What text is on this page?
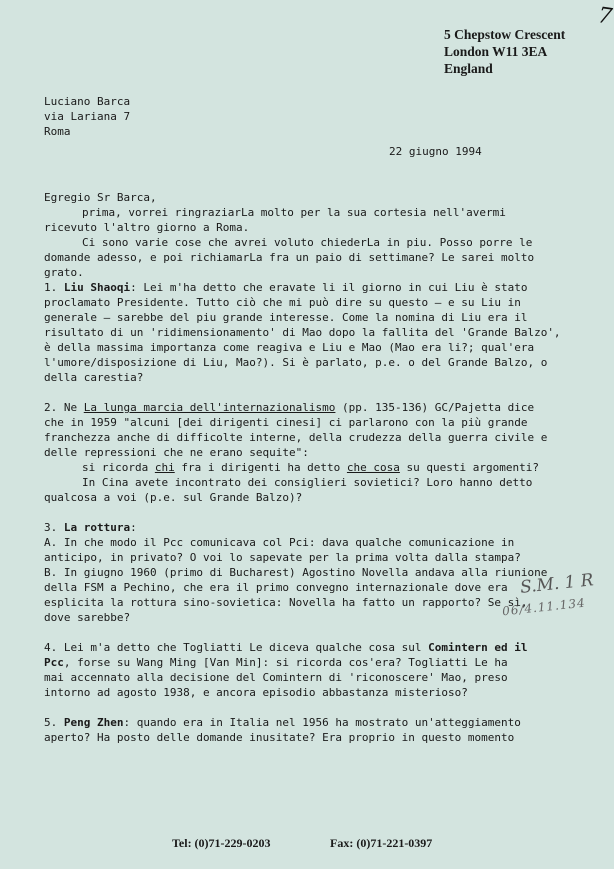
5 Chepstow Crescent
London W11 3EA
England
Luciano Barca
via Lariana 7
Roma
22 giugno 1994

Egregio Sr Barca,

prima, vorrei ringraziarLa molto per la sua cortesia nell'avermi

ricevuto l'altro giorno a Roma.

Ci sono varie cose che avrei voluto chiederLa in piu. Posso porre le

domande adesso, e poi richiamarLa fra un paio di settimane? Le sarei molto

grato.

1. Liu Shaoqi: Lei m'ha detto che eravate li il giorno in cui Liu è stato

proclamato Presidente. Tutto ciò che mi può dire su questo – e su Liu in

generale – sarebbe del piu grande interesse. Come la nomina di Liu era il

risultato di un 'ridimensionamento' di Mao dopo la fallita del 'Grande Balzo',

è della massima importanza come reagiva e Liu e Mao (Mao era li?; qual'era

l'umore/disposizione di Liu, Mao?). Si è parlato, p.e. o del Grande Balzo, o

della carestia?

2. Ne La lunga marcia dell'internazionalismo (pp. 135-136) GC/Pajetta dice

che in 1959 "alcuni [dei dirigenti cinesi] ci parlarono con la più grande

franchezza anche di difficolte interne, della crudezza della guerra civile e

delle repressioni che ne erano sequite":

si ricorda chi fra i dirigenti ha detto che cosa su questi argomenti?

In Cina avete incontrato dei consiglieri sovietici? Loro hanno detto

qualcosa a voi (p.e. sul Grande Balzo)?

3. La rottura:

A. In che modo il Pcc comunicava col Pci: dava qualche comunicazione in

anticipo, in privato? O voi lo sapevate per la prima volta dalla stampa?

B. In giugno 1960 (primo di Bucharest) Agostino Novella andava alla riunione

della FSM a Pechino, che era il primo convegno internazionale dove era

esplicita la rottura sino-sovietica: Novella ha fatto un rapporto? Se sì,

dove sarebbe?

4. Lei m'a detto che Togliatti Le diceva qualche cosa sul Comintern ed il

Pcc, forse su Wang Ming [Van Min]: si ricorda cos'era? Togliatti Le ha

mai accennato alla decisione del Comintern di 'riconoscere' Mao, preso

intorno ad agosto 1938, e ancora episodio abbastanza misterioso?

5. Peng Zhen: quando era in Italia nel 1956 ha mostrato un'atteggiamento

aperto? Ha posto delle domande inusitate? Era proprio in questo momento

Tel: (0)71-229-0203	Fax: (0)71-221-0397
7
S.M. 1 R
06/4.11.134
